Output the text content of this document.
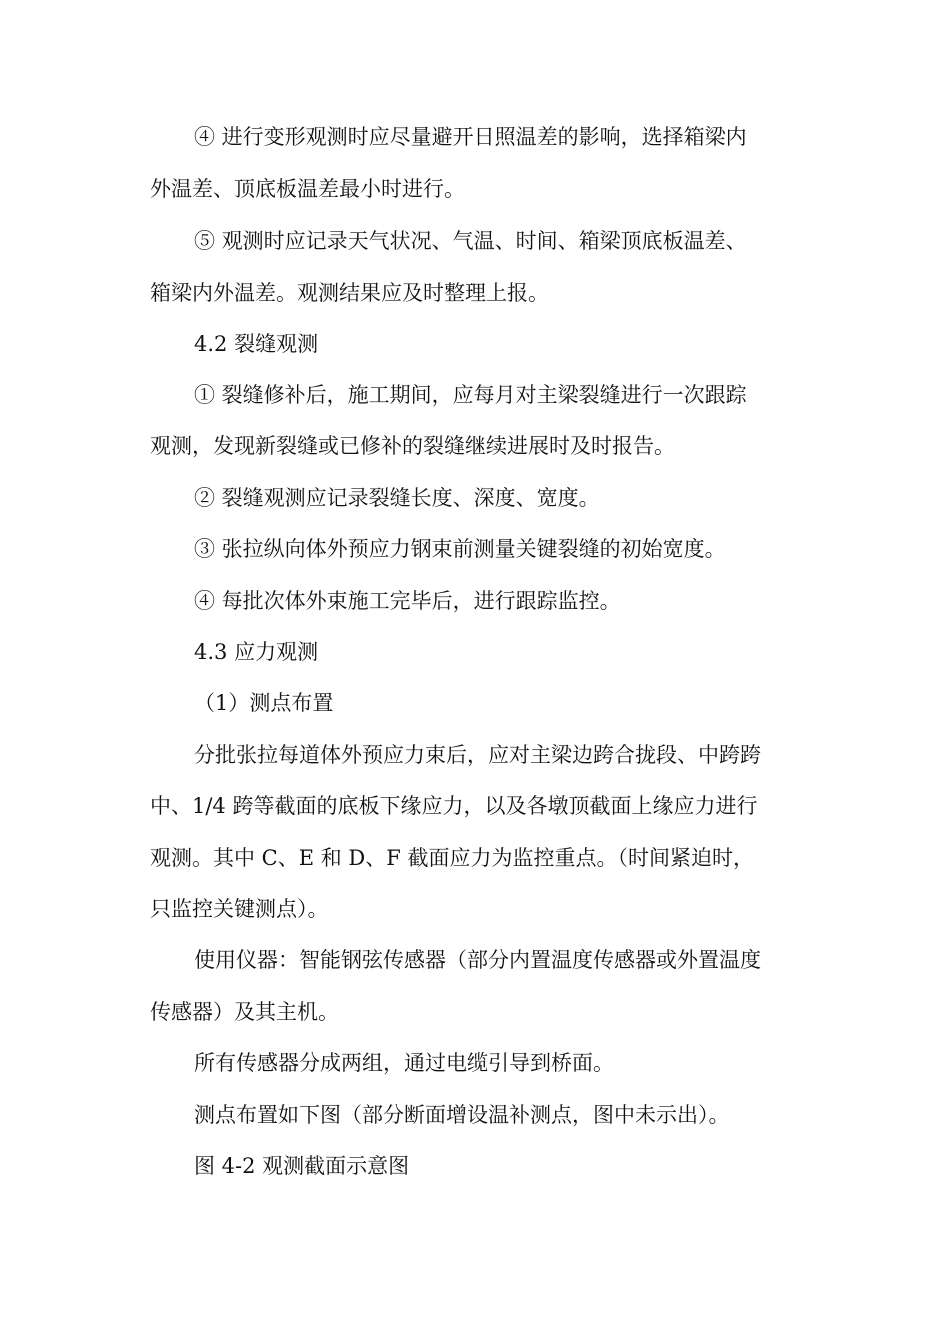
④ 进行变形观测时应尽量避开日照温差的影响，选择箱梁内
外温差、顶底板温差最小时进行。
⑤ 观测时应记录天气状况、气温、时间、箱梁顶底板温差、
箱梁内外温差。观测结果应及时整理上报。
4.2 裂缝观测
① 裂缝修补后，施工期间，应每月对主梁裂缝进行一次跟踪
观测，发现新裂缝或已修补的裂缝继续进展时及时报告。
② 裂缝观测应记录裂缝长度、深度、宽度。
③ 张拉纵向体外预应力钢束前测量关键裂缝的初始宽度。
④ 每批次体外束施工完毕后，进行跟踪监控。
4.3 应力观测
（1）测点布置
分批张拉每道体外预应力束后，应对主梁边跨合拢段、中跨跨
中、1/4 跨等截面的底板下缘应力，以及各墩顶截面上缘应力进行
观测。其中 C、E 和 D、F 截面应力为监控重点。（时间紧迫时，
只监控关键测点）。
使用仪器：智能钢弦传感器（部分内置温度传感器或外置温度
传感器）及其主机。
所有传感器分成两组，通过电缆引导到桥面。
测点布置如下图（部分断面增设温补测点，图中未示出）。
图 4-2 观测截面示意图
